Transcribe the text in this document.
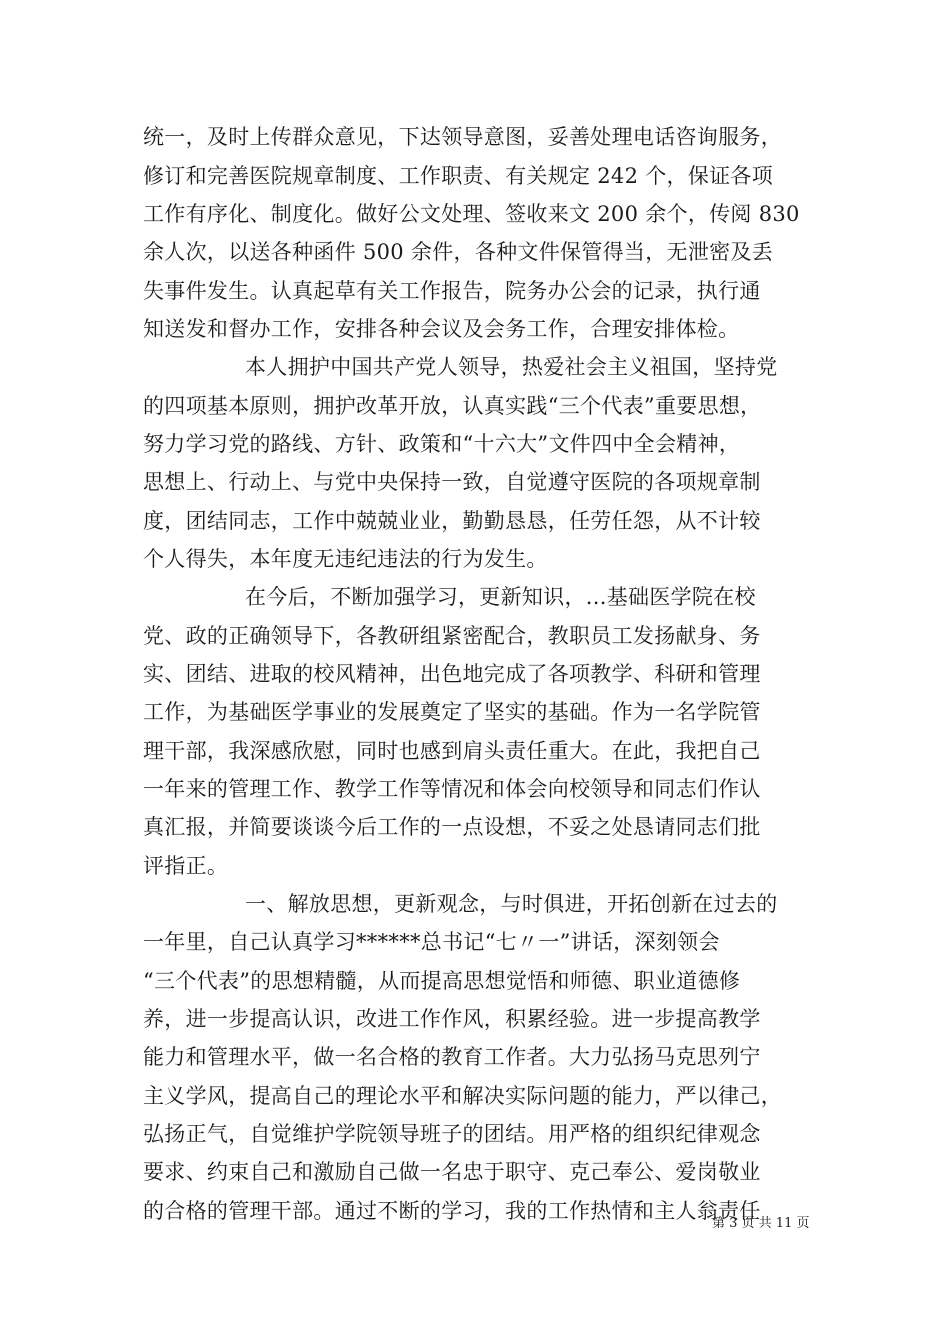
统一，及时上传群众意见，下达领导意图，妥善处理电话咨询服务，
修订和完善医院规章制度、工作职责、有关规定 242 个，保证各项
工作有序化、制度化。做好公文处理、签收来文 200 余个，传阅 830
余人次，以送各种函件 500 余件，各种文件保管得当，无泄密及丢
失事件发生。认真起草有关工作报告，院务办公会的记录，执行通
知送发和督办工作，安排各种会议及会务工作，合理安排体检。
本人拥护中国共产党人领导，热爱社会主义祖国，坚持党
的四项基本原则，拥护改革开放，认真实践“三个代表”重要思想，
努力学习党的路线、方针、政策和“十六大”文件四中全会精神，
思想上、行动上、与党中央保持一致，自觉遵守医院的各项规章制
度，团结同志，工作中兢兢业业，勤勤恳恳，任劳任怨，从不计较
个人得失，本年度无违纪违法的行为发生。
在今后，不断加强学习，更新知识，...基础医学院在校
党、政的正确领导下，各教研组紧密配合，教职员工发扬献身、务
实、团结、进取的校风精神，出色地完成了各项教学、科研和管理
工作，为基础医学事业的发展奠定了坚实的基础。作为一名学院管
理干部，我深感欣慰，同时也感到肩头责任重大。在此，我把自己
一年来的管理工作、教学工作等情况和体会向校领导和同志们作认
真汇报，并简要谈谈今后工作的一点设想，不妥之处恳请同志们批
评指正。
一、解放思想，更新观念，与时俱进，开拓创新在过去的
一年里，自己认真学习******总书记“七〃一”讲话，深刻领会
“三个代表”的思想精髓，从而提高思想觉悟和师德、职业道德修
养，进一步提高认识，改进工作作风，积累经验。进一步提高教学
能力和管理水平，做一名合格的教育工作者。大力弘扬马克思列宁
主义学风，提高自己的理论水平和解决实际问题的能力，严以律己，
弘扬正气，自觉维护学院领导班子的团结。用严格的组织纪律观念
要求、约束自己和激励自己做一名忠于职守、克己奉公、爱岗敬业
的合格的管理干部。通过不断的学习，我的工作热情和主人翁责任
第 3 页 共 11 页
